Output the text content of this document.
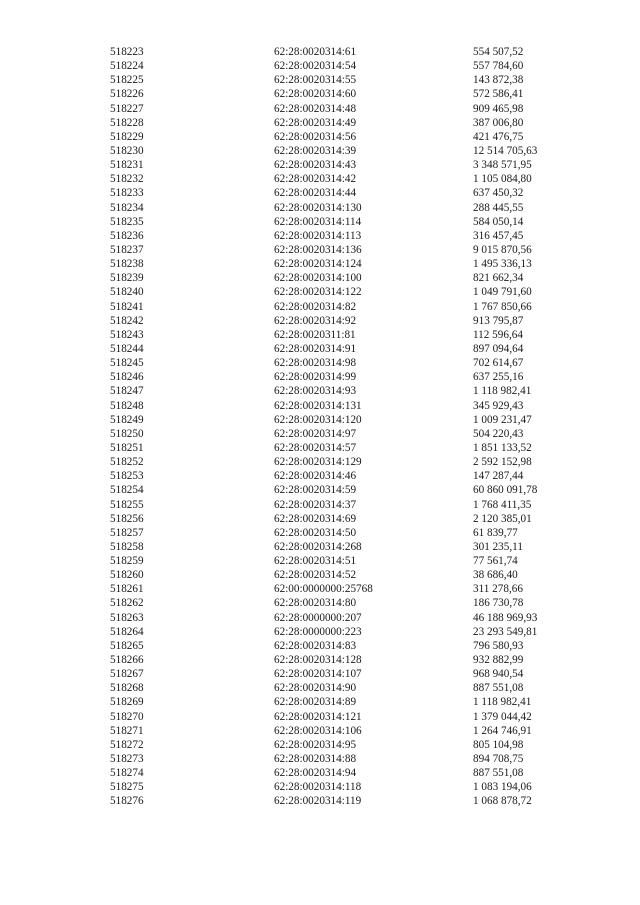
518223	62:28:0020314:61	554 507,52
518224	62:28:0020314:54	557 784,60
518225	62:28:0020314:55	143 872,38
518226	62:28:0020314:60	572 586,41
518227	62:28:0020314:48	909 465,98
518228	62:28:0020314:49	387 006,80
518229	62:28:0020314:56	421 476,75
518230	62:28:0020314:39	12 514 705,63
518231	62:28:0020314:43	3 348 571,95
518232	62:28:0020314:42	1 105 084,80
518233	62:28:0020314:44	637 450,32
518234	62:28:0020314:130	288 445,55
518235	62:28:0020314:114	584 050,14
518236	62:28:0020314:113	316 457,45
518237	62:28:0020314:136	9 015 870,56
518238	62:28:0020314:124	1 495 336,13
518239	62:28:0020314:100	821 662,34
518240	62:28:0020314:122	1 049 791,60
518241	62:28:0020314:82	1 767 850,66
518242	62:28:0020314:92	913 795,87
518243	62:28:0020311:81	112 596,64
518244	62:28:0020314:91	897 094,64
518245	62:28:0020314:98	702 614,67
518246	62:28:0020314:99	637 255,16
518247	62:28:0020314:93	1 118 982,41
518248	62:28:0020314:131	345 929,43
518249	62:28:0020314:120	1 009 231,47
518250	62:28:0020314:97	504 220,43
518251	62:28:0020314:57	1 851 133,52
518252	62:28:0020314:129	2 592 152,98
518253	62:28:0020314:46	147 287,44
518254	62:28:0020314:59	60 860 091,78
518255	62:28:0020314:37	1 768 411,35
518256	62:28:0020314:69	2 120 385,01
518257	62:28:0020314:50	61 839,77
518258	62:28:0020314:268	301 235,11
518259	62:28:0020314:51	77 561,74
518260	62:28:0020314:52	38 686,40
518261	62:00:0000000:25768	311 278,66
518262	62:28:0020314:80	186 730,78
518263	62:28:0000000:207	46 188 969,93
518264	62:28:0000000:223	23 293 549,81
518265	62:28:0020314:83	796 580,93
518266	62:28:0020314:128	932 882,99
518267	62:28:0020314:107	968 940,54
518268	62:28:0020314:90	887 551,08
518269	62:28:0020314:89	1 118 982,41
518270	62:28:0020314:121	1 379 044,42
518271	62:28:0020314:106	1 264 746,91
518272	62:28:0020314:95	805 104,98
518273	62:28:0020314:88	894 708,75
518274	62:28:0020314:94	887 551,08
518275	62:28:0020314:118	1 083 194,06
518276	62:28:0020314:119	1 068 878,72
